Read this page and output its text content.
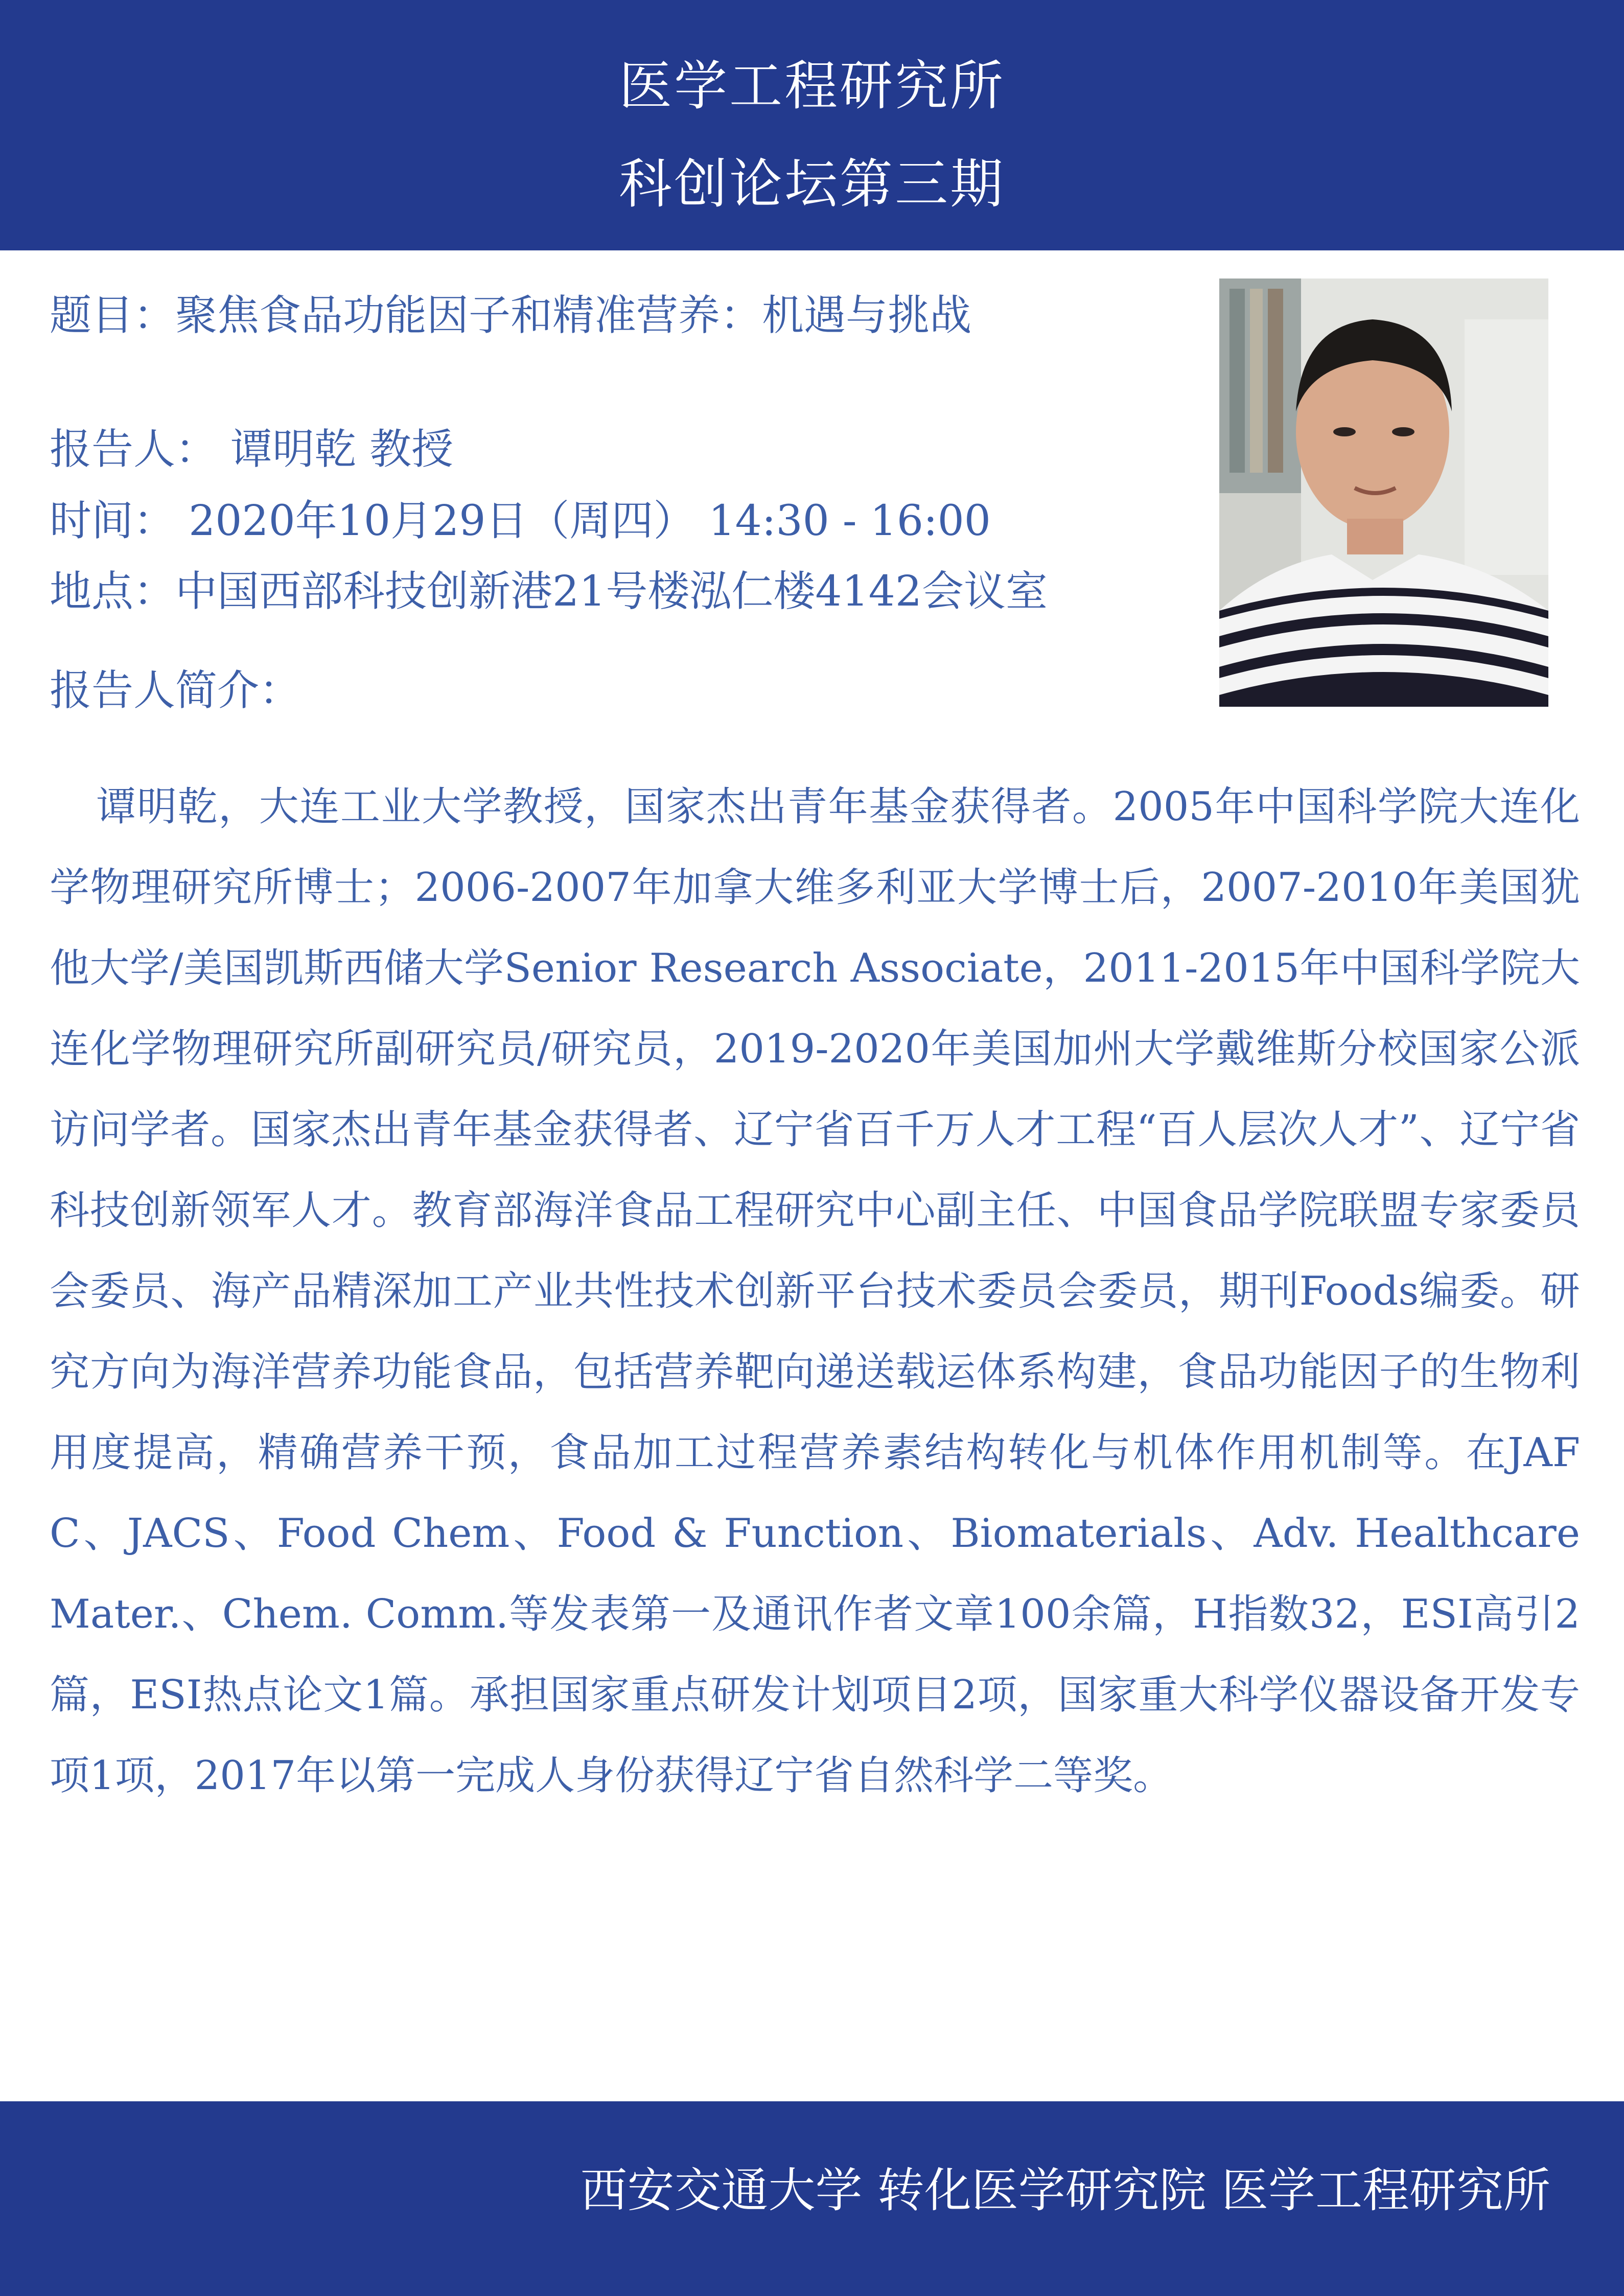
医学工程研究所
科创论坛第三期
题目：聚焦食品功能因子和精准营养：机遇与挑战
报告人： 谭明乾 教授
时间： 2020年10月29日（周四） 14:30 - 16:00
地点：中国西部科技创新港21号楼泓仁楼4142会议室
报告人简介：
谭明乾，大连工业大学教授，国家杰出青年基金获得者。2005年中国科学院大连化学物理研究所博士；2006-2007年加拿大维多利亚大学博士后，2007-2010年美国犹他大学/美国凯斯西储大学Senior Research Associate，2011-2015年中国科学院大连化学物理研究所副研究员/研究员，2019-2020年美国加州大学戴维斯分校国家公派访问学者。国家杰出青年基金获得者、辽宁省百千万人才工程“百人层次人才”、辽宁省科技创新领军人才。教育部海洋食品工程研究中心副主任、中国食品学院联盟专家委员会委员、海产品精深加工产业共性技术创新平台技术委员会委员，期刊Foods编委。研究方向为海洋营养功能食品，包括营养靶向递送载运体系构建，食品功能因子的生物利用度提高，精确营养干预，食品加工过程营养素结构转化与机体作用机制等。在JAFC、JACS、Food Chem、Food & Function、Biomaterials、Adv. Healthcare Mater.、Chem. Comm.等发表第一及通讯作者文章100余篇，H指数32，ESI高引2篇，ESI热点论文1篇。承担国家重点研发计划项目2项，国家重大科学仪器设备开发专项1项，2017年以第一完成人身份获得辽宁省自然科学二等奖。
西安交通大学 转化医学研究院 医学工程研究所
